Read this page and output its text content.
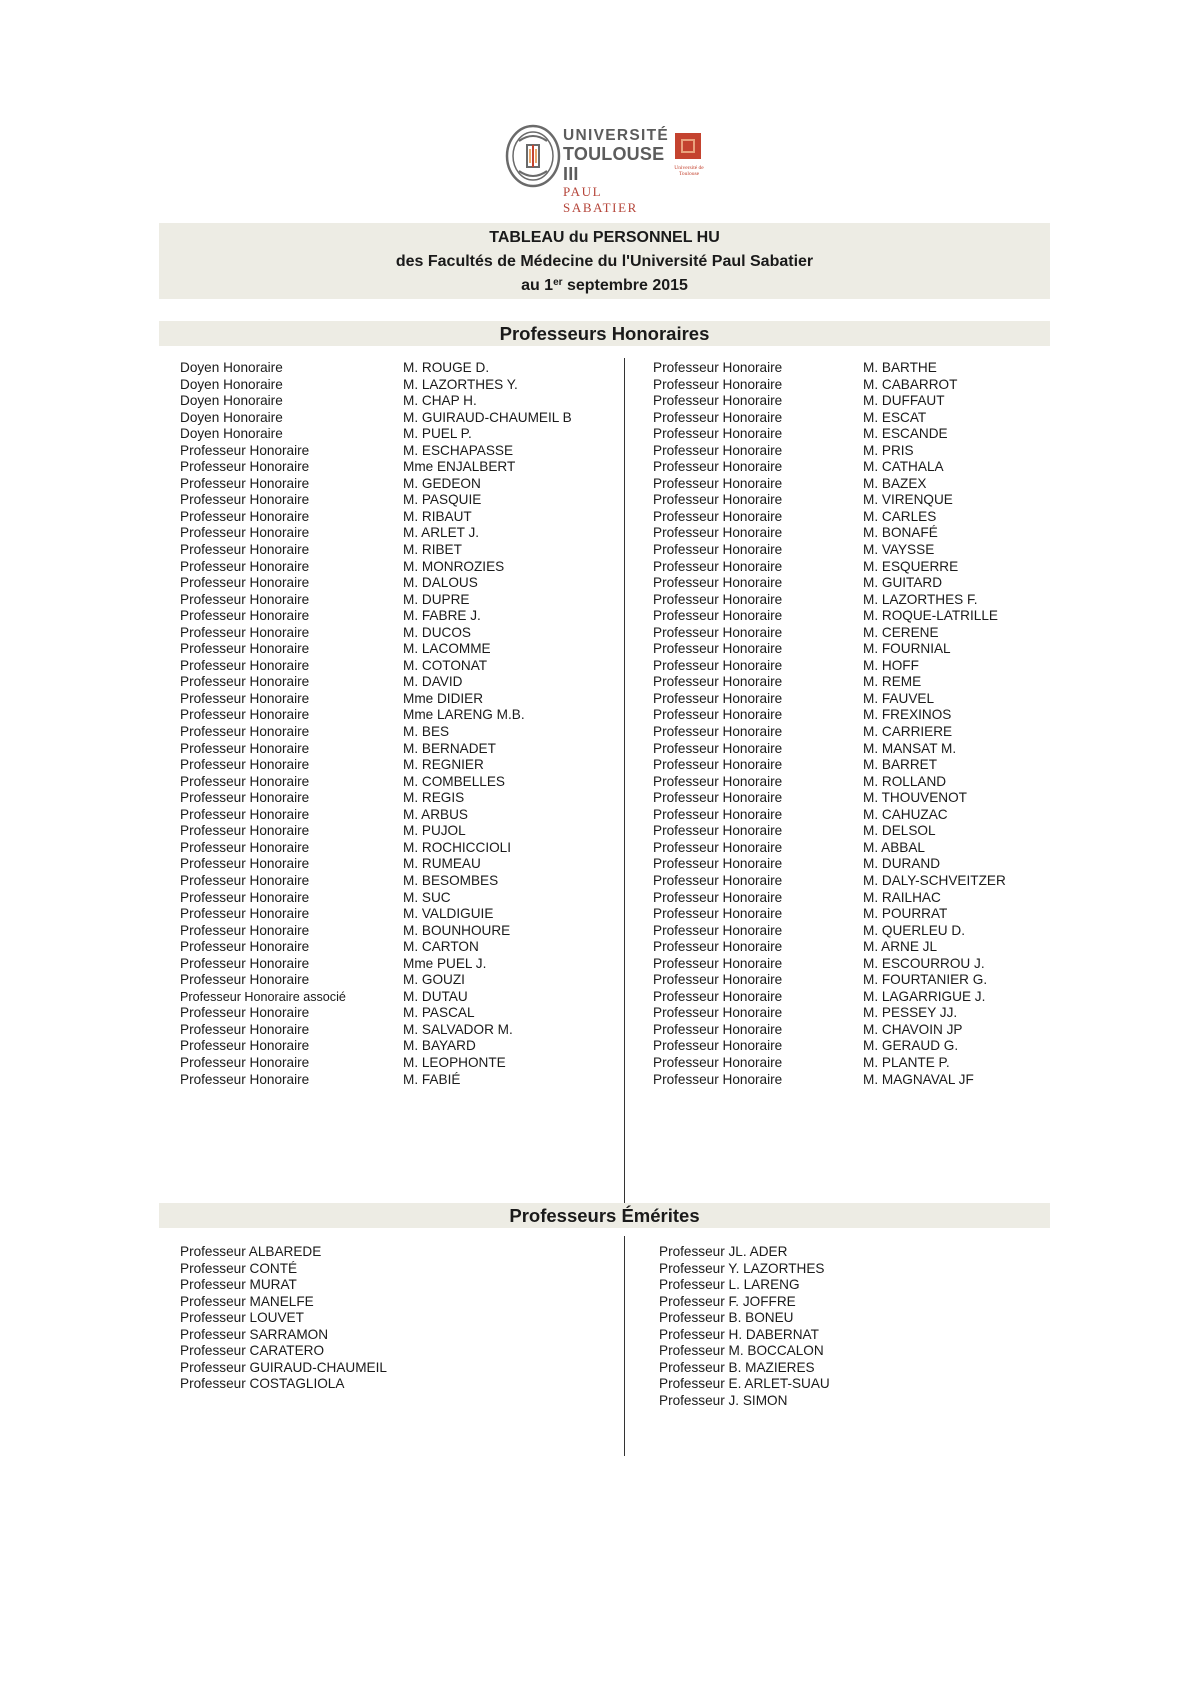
UNIVERSITÉ
TOULOUSE III
PAUL SABATIER
Université de Toulouse
TABLEAU du PERSONNEL HU
des Facultés de Médecine du l'Université Paul Sabatier
au 1er septembre 2015
Professeurs Honoraires
Doyen Honoraire	M. ROUGE D.
Doyen Honoraire	M. LAZORTHES Y.
Doyen Honoraire	M. CHAP H.
Doyen Honoraire	M. GUIRAUD-CHAUMEIL B
Doyen Honoraire	M. PUEL P.
Professeur Honoraire	M. ESCHAPASSE
Professeur Honoraire	Mme ENJALBERT
Professeur Honoraire	M. GEDEON
Professeur Honoraire	M. PASQUIE
Professeur Honoraire	M. RIBAUT
Professeur Honoraire	M. ARLET J.
Professeur Honoraire	M. RIBET
Professeur Honoraire	M. MONROZIES
Professeur Honoraire	M. DALOUS
Professeur Honoraire	M. DUPRE
Professeur Honoraire	M. FABRE J.
Professeur Honoraire	M. DUCOS
Professeur Honoraire	M. LACOMME
Professeur Honoraire	M. COTONAT
Professeur Honoraire	M. DAVID
Professeur Honoraire	Mme DIDIER
Professeur Honoraire	Mme LARENG M.B.
Professeur Honoraire	M. BES
Professeur Honoraire	M. BERNADET
Professeur Honoraire	M. REGNIER
Professeur Honoraire	M. COMBELLES
Professeur Honoraire	M. REGIS
Professeur Honoraire	M. ARBUS
Professeur Honoraire	M. PUJOL
Professeur Honoraire	M. ROCHICCIOLI
Professeur Honoraire	M. RUMEAU
Professeur Honoraire	M. BESOMBES
Professeur Honoraire	M. SUC
Professeur Honoraire	M. VALDIGUIE
Professeur Honoraire	M. BOUNHOURE
Professeur Honoraire	M. CARTON
Professeur Honoraire	Mme PUEL J.
Professeur Honoraire	M. GOUZI
Professeur Honoraire associé	M. DUTAU
Professeur Honoraire	M. PASCAL
Professeur Honoraire	M. SALVADOR M.
Professeur Honoraire	M. BAYARD
Professeur Honoraire	M. LEOPHONTE
Professeur Honoraire	M. FABIÉ
Professeur Honoraire	M. BARTHE
Professeur Honoraire	M. CABARROT
Professeur Honoraire	M. DUFFAUT
Professeur Honoraire	M. ESCAT
Professeur Honoraire	M. ESCANDE
Professeur Honoraire	M. PRIS
Professeur Honoraire	M. CATHALA
Professeur Honoraire	M. BAZEX
Professeur Honoraire	M. VIRENQUE
Professeur Honoraire	M. CARLES
Professeur Honoraire	M. BONAFÉ
Professeur Honoraire	M. VAYSSE
Professeur Honoraire	M. ESQUERRE
Professeur Honoraire	M. GUITARD
Professeur Honoraire	M. LAZORTHES F.
Professeur Honoraire	M. ROQUE-LATRILLE
Professeur Honoraire	M. CERENE
Professeur Honoraire	M. FOURNIAL
Professeur Honoraire	M. HOFF
Professeur Honoraire	M. REME
Professeur Honoraire	M. FAUVEL
Professeur Honoraire	M. FREXINOS
Professeur Honoraire	M. CARRIERE
Professeur Honoraire	M. MANSAT M.
Professeur Honoraire	M. BARRET
Professeur Honoraire	M. ROLLAND
Professeur Honoraire	M. THOUVENOT
Professeur Honoraire	M. CAHUZAC
Professeur Honoraire	M. DELSOL
Professeur Honoraire	M. ABBAL
Professeur Honoraire	M. DURAND
Professeur Honoraire	M. DALY-SCHVEITZER
Professeur Honoraire	M. RAILHAC
Professeur Honoraire	M. POURRAT
Professeur Honoraire	M. QUERLEU D.
Professeur Honoraire	M. ARNE JL
Professeur Honoraire	M. ESCOURROU J.
Professeur Honoraire	M. FOURTANIER G.
Professeur Honoraire	M. LAGARRIGUE J.
Professeur Honoraire	M. PESSEY JJ.
Professeur Honoraire	M. CHAVOIN JP
Professeur Honoraire	M. GERAUD G.
Professeur Honoraire	M. PLANTE P.
Professeur Honoraire	M. MAGNAVAL JF
Professeurs Émérites
Professeur ALBAREDE
Professeur CONTÉ
Professeur MURAT
Professeur MANELFE
Professeur LOUVET
Professeur SARRAMON
Professeur CARATERO
Professeur GUIRAUD-CHAUMEIL
Professeur COSTAGLIOLA
Professeur JL. ADER
Professeur Y. LAZORTHES
Professeur L. LARENG
Professeur F. JOFFRE
Professeur B. BONEU
Professeur H. DABERNAT
Professeur M. BOCCALON
Professeur B. MAZIERES
Professeur E. ARLET-SUAU
Professeur J. SIMON
